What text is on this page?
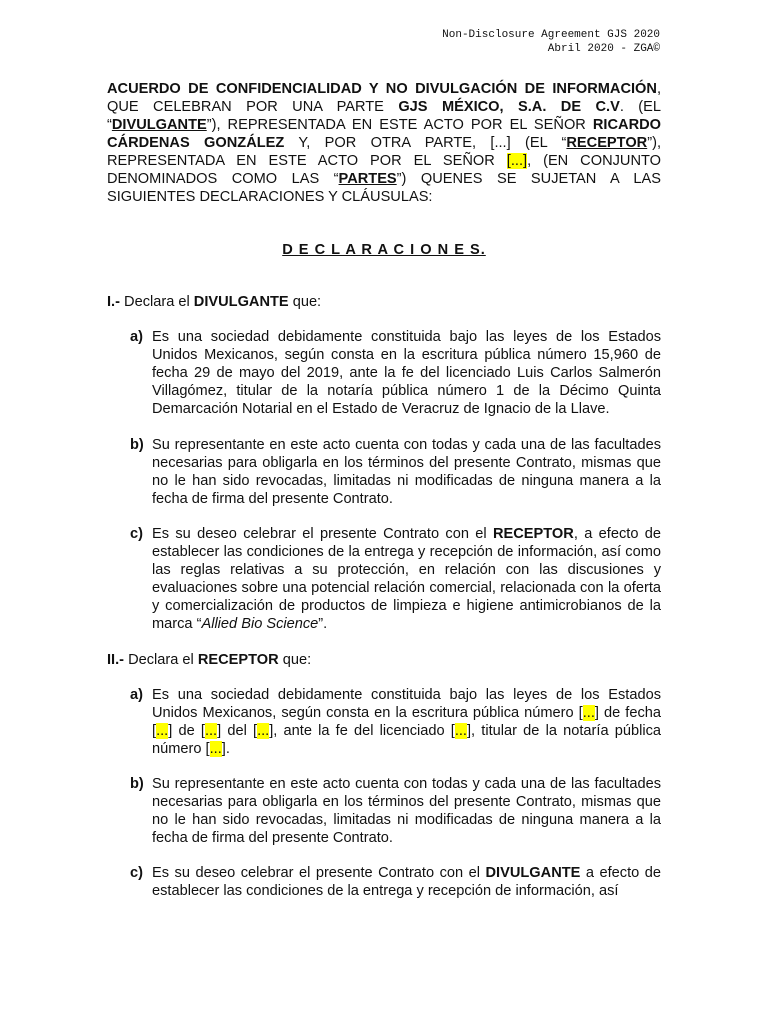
Non-Disclosure Agreement GJS 2020
Abril 2020 - ZGA©
ACUERDO DE CONFIDENCIALIDAD Y NO DIVULGACIÓN DE INFORMACIÓN, QUE CELEBRAN POR UNA PARTE GJS MÉXICO, S.A. DE C.V. (EL “DIVULGANTE”), REPRESENTADA EN ESTE ACTO POR EL SEÑOR RICARDO CÁRDENAS GONZÁLEZ Y, POR OTRA PARTE, [...] (EL “RECEPTOR”), REPRESENTADA EN ESTE ACTO POR EL SEÑOR [...], (EN CONJUNTO DENOMINADOS COMO LAS “PARTES”) QUENES SE SUJETAN A LAS SIGUIENTES DECLARACIONES Y CLÁUSULAS:
D E C L A R A C I O N E S.
I.- Declara el DIVULGANTE que:
a) Es una sociedad debidamente constituida bajo las leyes de los Estados Unidos Mexicanos, según consta en la escritura pública número 15,960 de fecha 29 de mayo del 2019, ante la fe del licenciado Luis Carlos Salmerón Villagómez, titular de la notaría pública número 1 de la Décimo Quinta Demarcación Notarial en el Estado de Veracruz de Ignacio de la Llave.
b) Su representante en este acto cuenta con todas y cada una de las facultades necesarias para obligarla en los términos del presente Contrato, mismas que no le han sido revocadas, limitadas ni modificadas de ninguna manera a la fecha de firma del presente Contrato.
c) Es su deseo celebrar el presente Contrato con el RECEPTOR, a efecto de establecer las condiciones de la entrega y recepción de información, así como las reglas relativas a su protección, en relación con las discusiones y evaluaciones sobre una potencial relación comercial, relacionada con la oferta y comercialización de productos de limpieza e higiene antimicrobianos de la marca “Allied Bio Science”.
II.- Declara el RECEPTOR que:
a) Es una sociedad debidamente constituida bajo las leyes de los Estados Unidos Mexicanos, según consta en la escritura pública número [...] de fecha [...] de [...] del [...], ante la fe del licenciado [...], titular de la notaría pública número [...].
b) Su representante en este acto cuenta con todas y cada una de las facultades necesarias para obligarla en los términos del presente Contrato, mismas que no le han sido revocadas, limitadas ni modificadas de ninguna manera a la fecha de firma del presente Contrato.
c) Es su deseo celebrar el presente Contrato con el DIVULGANTE a efecto de establecer las condiciones de la entrega y recepción de información, así
